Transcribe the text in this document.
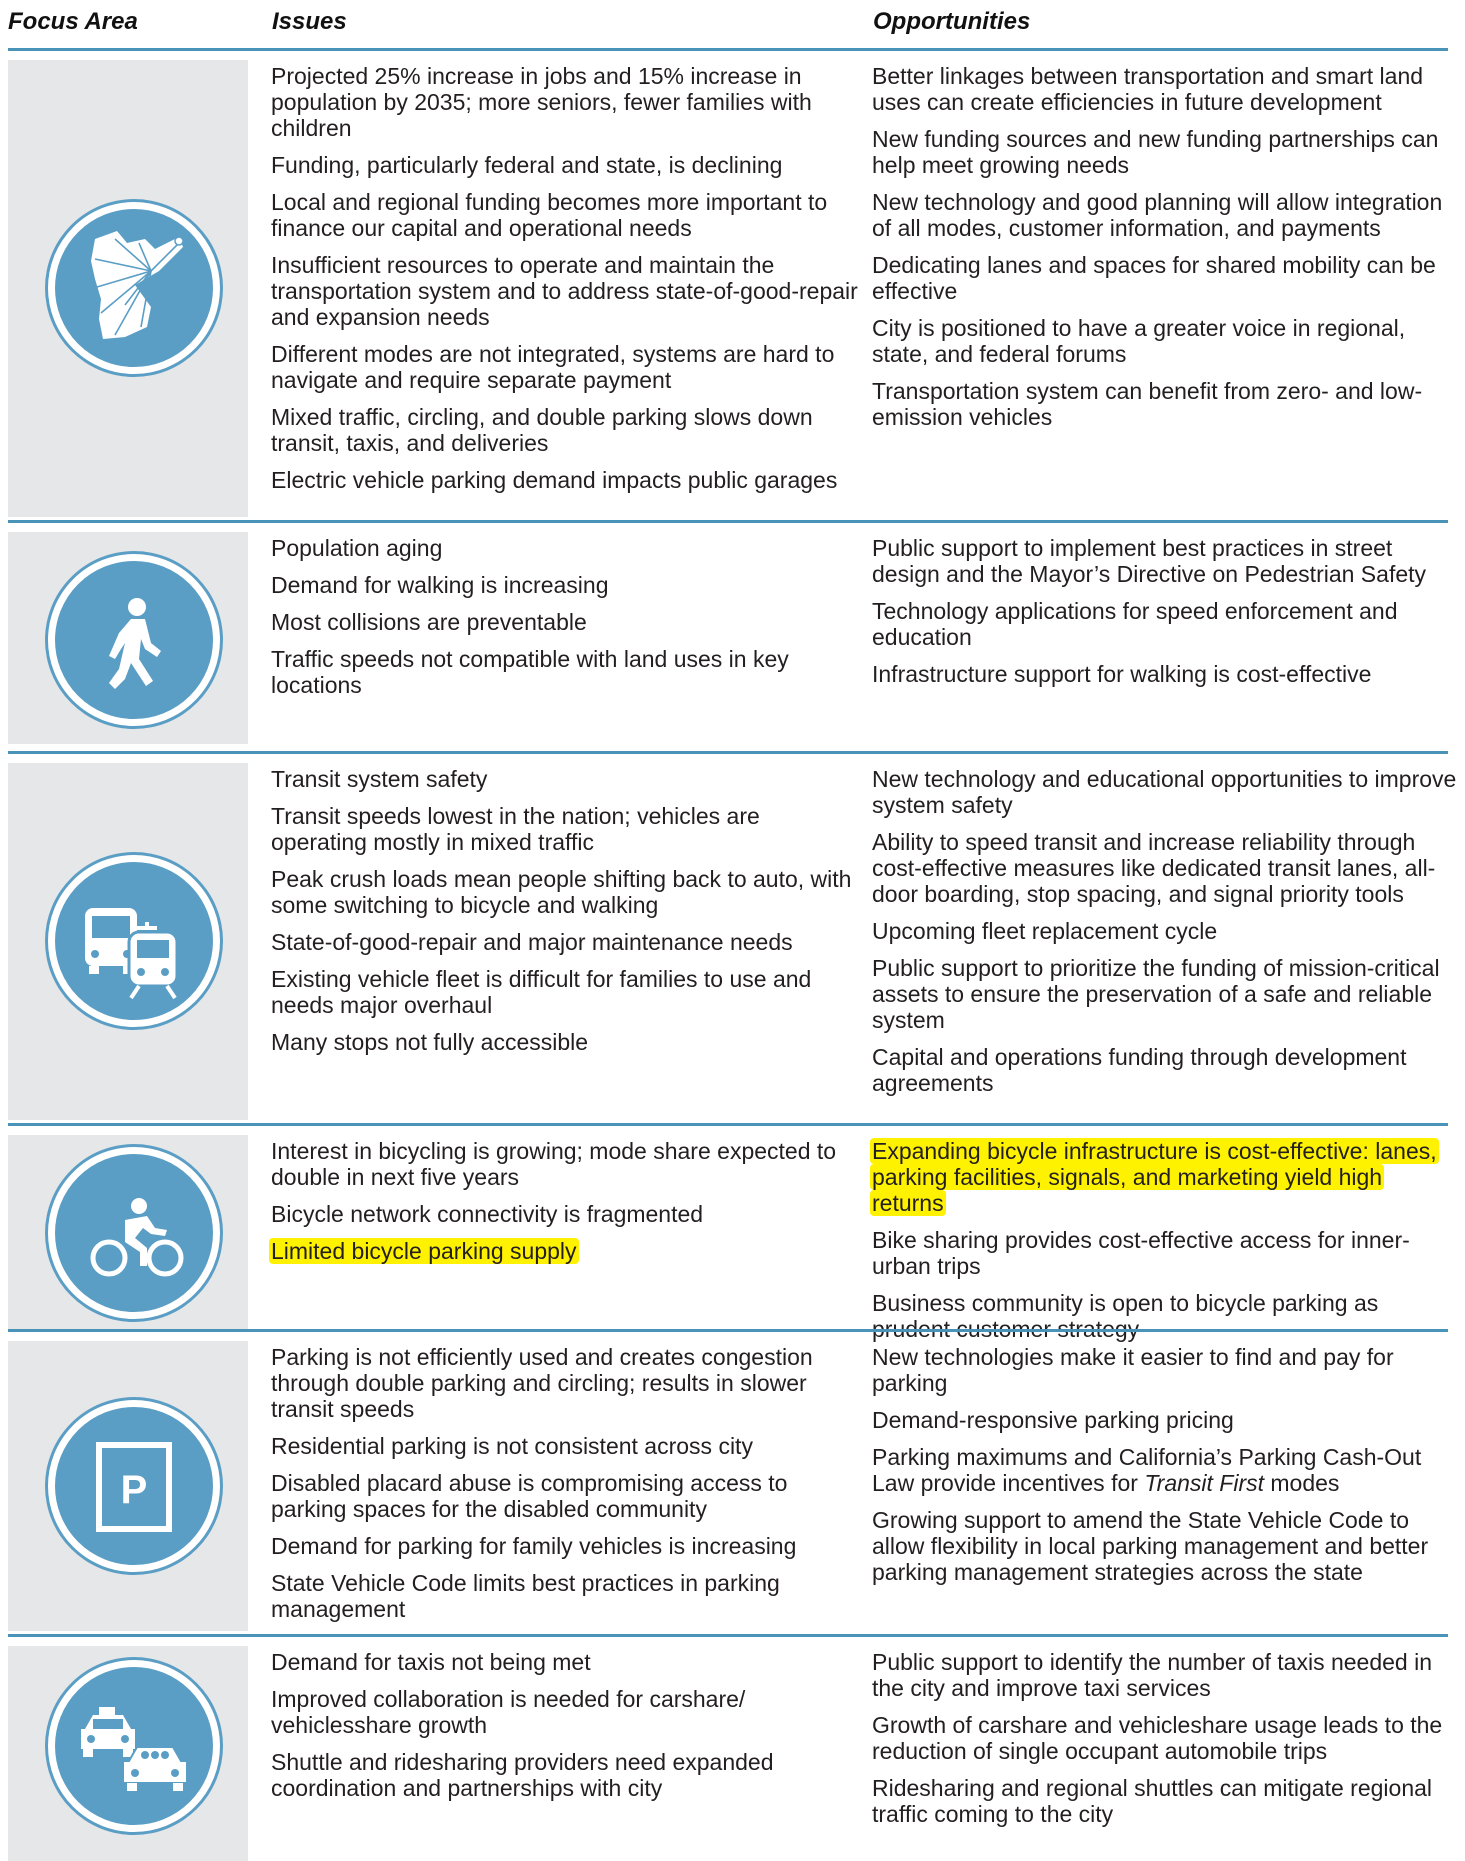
Focus Area	Issues	Opportunities
Projected 25% increase in jobs and 15% increase in population by 2035; more seniors, fewer families with children
Funding, particularly federal and state, is declining
Local and regional funding becomes more important to finance our capital and operational needs
Insufficient resources to operate and maintain the transportation system and to address state-of-good-repair and expansion needs
Different modes are not integrated, systems are hard to navigate and require separate payment
Mixed traffic, circling, and double parking slows down transit, taxis, and deliveries
Electric vehicle parking demand impacts public garages
Better linkages between transportation and smart land uses can create efficiencies in future development
New funding sources and new funding partnerships can help meet growing needs
New technology and good planning will allow integration of all modes, customer information, and payments
Dedicating lanes and spaces for shared mobility can be effective
City is positioned to have a greater voice in regional, state, and federal forums
Transportation system can benefit from zero- and low-emission vehicles
Population aging
Demand for walking is increasing
Most collisions are preventable
Traffic speeds not compatible with land uses in key locations
Public support to implement best practices in street design and the Mayor’s Directive on Pedestrian Safety
Technology applications for speed enforcement and education
Infrastructure support for walking is cost-effective
Transit system safety
Transit speeds lowest in the nation; vehicles are operating mostly in mixed traffic
Peak crush loads mean people shifting back to auto, with some switching to bicycle and walking
State-of-good-repair and major maintenance needs
Existing vehicle fleet is difficult for families to use and needs major overhaul
Many stops not fully accessible
New technology and educational opportunities to improve system safety
Ability to speed transit and increase reliability through cost-effective measures like dedicated transit lanes, all-door boarding, stop spacing, and signal priority tools
Upcoming fleet replacement cycle
Public support to prioritize the funding of mission-critical assets to ensure the preservation of a safe and reliable system
Capital and operations funding through development agreements
Interest in bicycling is growing; mode share expected to double in next five years
Bicycle network connectivity is fragmented
Limited bicycle parking supply
Expanding bicycle infrastructure is cost-effective: lanes, parking facilities, signals, and marketing yield high returns
Bike sharing provides cost-effective access for inner-urban trips
Business community is open to bicycle parking as prudent customer strategy
P
Parking is not efficiently used and creates congestion through double parking and circling; results in slower transit speeds
Residential parking is not consistent across city
Disabled placard abuse is compromising access to parking spaces for the disabled community
Demand for parking for family vehicles is increasing
State Vehicle Code limits best practices in parking management
New technologies make it easier to find and pay for parking
Demand-responsive parking pricing
Parking maximums and California’s Parking Cash-Out Law provide incentives for Transit First modes
Growing support to amend the State Vehicle Code to allow flexibility in local parking management and better parking management strategies across the state
Demand for taxis not being met
Improved collaboration is needed for carshare/ vehiclesshare growth
Shuttle and ridesharing providers need expanded coordination and partnerships with city
Public support to identify the number of taxis needed in the city and improve taxi services
Growth of carshare and vehicleshare usage leads to the reduction of single occupant automobile trips
Ridesharing and regional shuttles can mitigate regional traffic coming to the city
